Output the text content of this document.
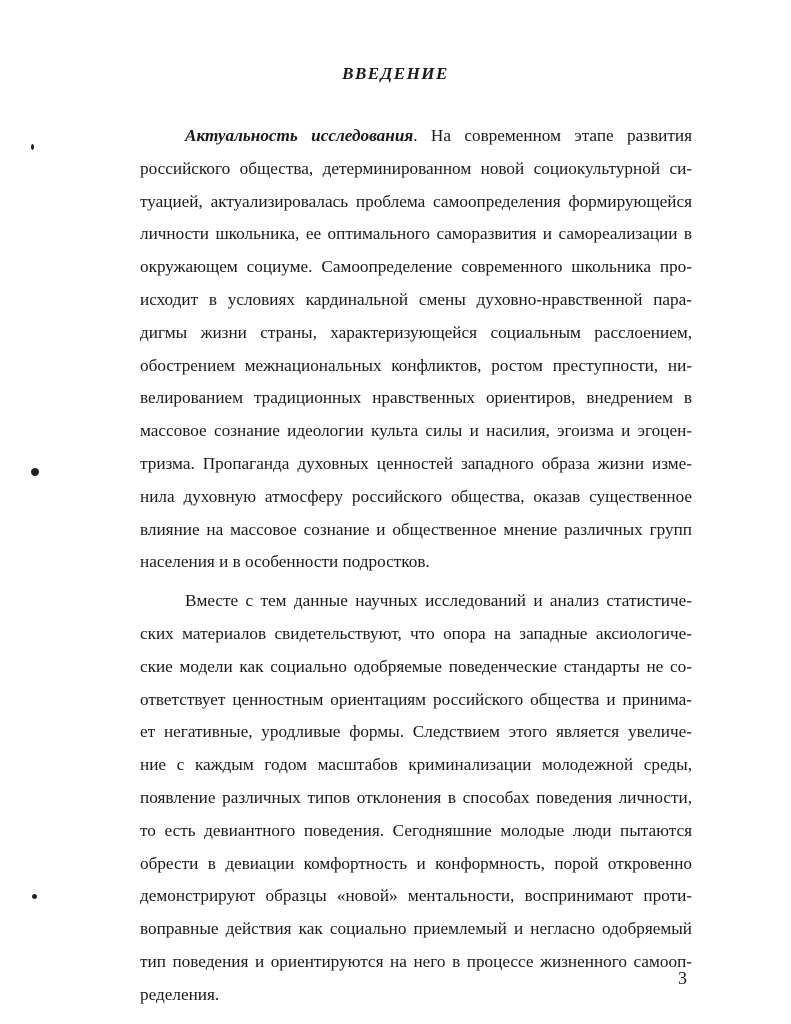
ВВЕДЕНИЕ
Актуальность исследования. На современном этапе развития
российского общества, детерминированном новой социокультурной си-
туацией, актуализировалась проблема самоопределения формирующейся
личности школьника, ее оптимального саморазвития и самореализации в
окружающем социуме. Самоопределение современного школьника про-
исходит в условиях кардинальной смены духовно-нравственной пара-
дигмы жизни страны, характеризующейся социальным расслоением,
обострением межнациональных конфликтов, ростом преступности, ни-
велированием традиционных нравственных ориентиров, внедрением в
массовое сознание идеологии культа силы и насилия, эгоизма и эгоцен-
тризма. Пропаганда духовных ценностей западного образа жизни изме-
нила духовную атмосферу российского общества, оказав существенное
влияние на массовое сознание и общественное мнение различных групп
населения и в особенности подростков.
Вместе с тем данные научных исследований и анализ статистиче-
ских материалов свидетельствуют, что опора на западные аксиологиче-
ские модели как социально одобряемые поведенческие стандарты не со-
ответствует ценностным ориентациям российского общества и принима-
ет негативные, уродливые формы. Следствием этого является увеличе-
ние с каждым годом масштабов криминализации молодежной среды,
появление различных типов отклонения в способах поведения личности,
то есть девиантного поведения. Сегодняшние молодые люди пытаются
обрести в девиации комфортность и конформность, порой откровенно
демонстрируют образцы «новой» ментальности, воспринимают проти-
воправные действия как социально приемлемый и негласно одобряемый
тип поведения и ориентируются на него в процессе жизненного самооп-
ределения.

3
